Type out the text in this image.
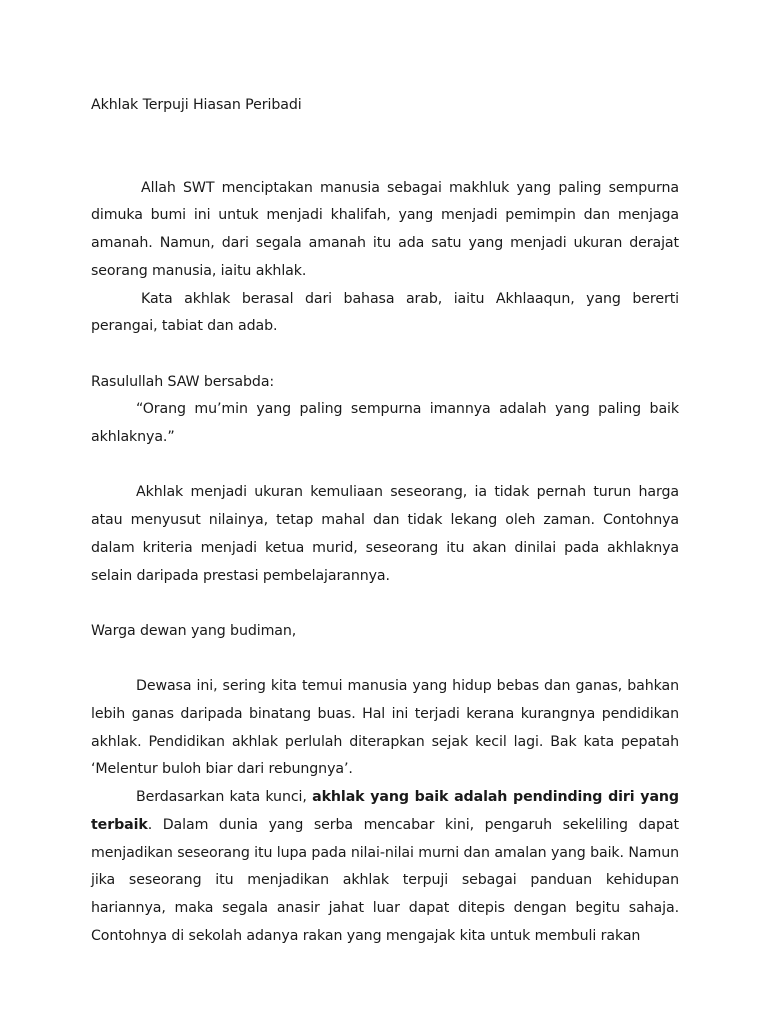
Akhlak Terpuji Hiasan Peribadi

Allah SWT menciptakan manusia sebagai makhluk yang paling sempurna dimuka bumi ini untuk menjadi khalifah, yang menjadi pemimpin dan menjaga amanah. Namun, dari segala amanah itu ada satu yang menjadi ukuran derajat seorang manusia, iaitu akhlak.

Kata akhlak berasal dari bahasa arab, iaitu Akhlaaqun, yang bererti perangai, tabiat dan adab.

Rasulullah SAW bersabda:

“Orang mu’min yang paling sempurna imannya adalah yang paling baik akhlaknya.”

Akhlak menjadi ukuran kemuliaan seseorang, ia tidak pernah turun harga atau menyusut nilainya, tetap mahal dan tidak lekang oleh zaman. Contohnya dalam kriteria menjadi ketua murid, seseorang itu akan dinilai pada akhlaknya selain daripada prestasi pembelajarannya.

Warga dewan yang budiman,

Dewasa ini, sering kita temui manusia yang hidup bebas dan ganas, bahkan lebih ganas daripada binatang buas. Hal ini terjadi kerana kurangnya pendidikan akhlak. Pendidikan akhlak perlulah diterapkan sejak kecil lagi. Bak kata pepatah ‘Melentur buloh biar dari rebungnya’.

Berdasarkan kata kunci, akhlak yang baik adalah pendinding diri yang terbaik. Dalam dunia yang serba mencabar kini, pengaruh sekeliling dapat menjadikan seseorang itu lupa pada nilai-nilai murni dan amalan yang baik. Namun jika seseorang itu menjadikan akhlak terpuji sebagai panduan kehidupan hariannya, maka segala anasir jahat luar dapat ditepis dengan begitu sahaja. Contohnya di sekolah adanya rakan yang mengajak kita untuk membuli rakan
